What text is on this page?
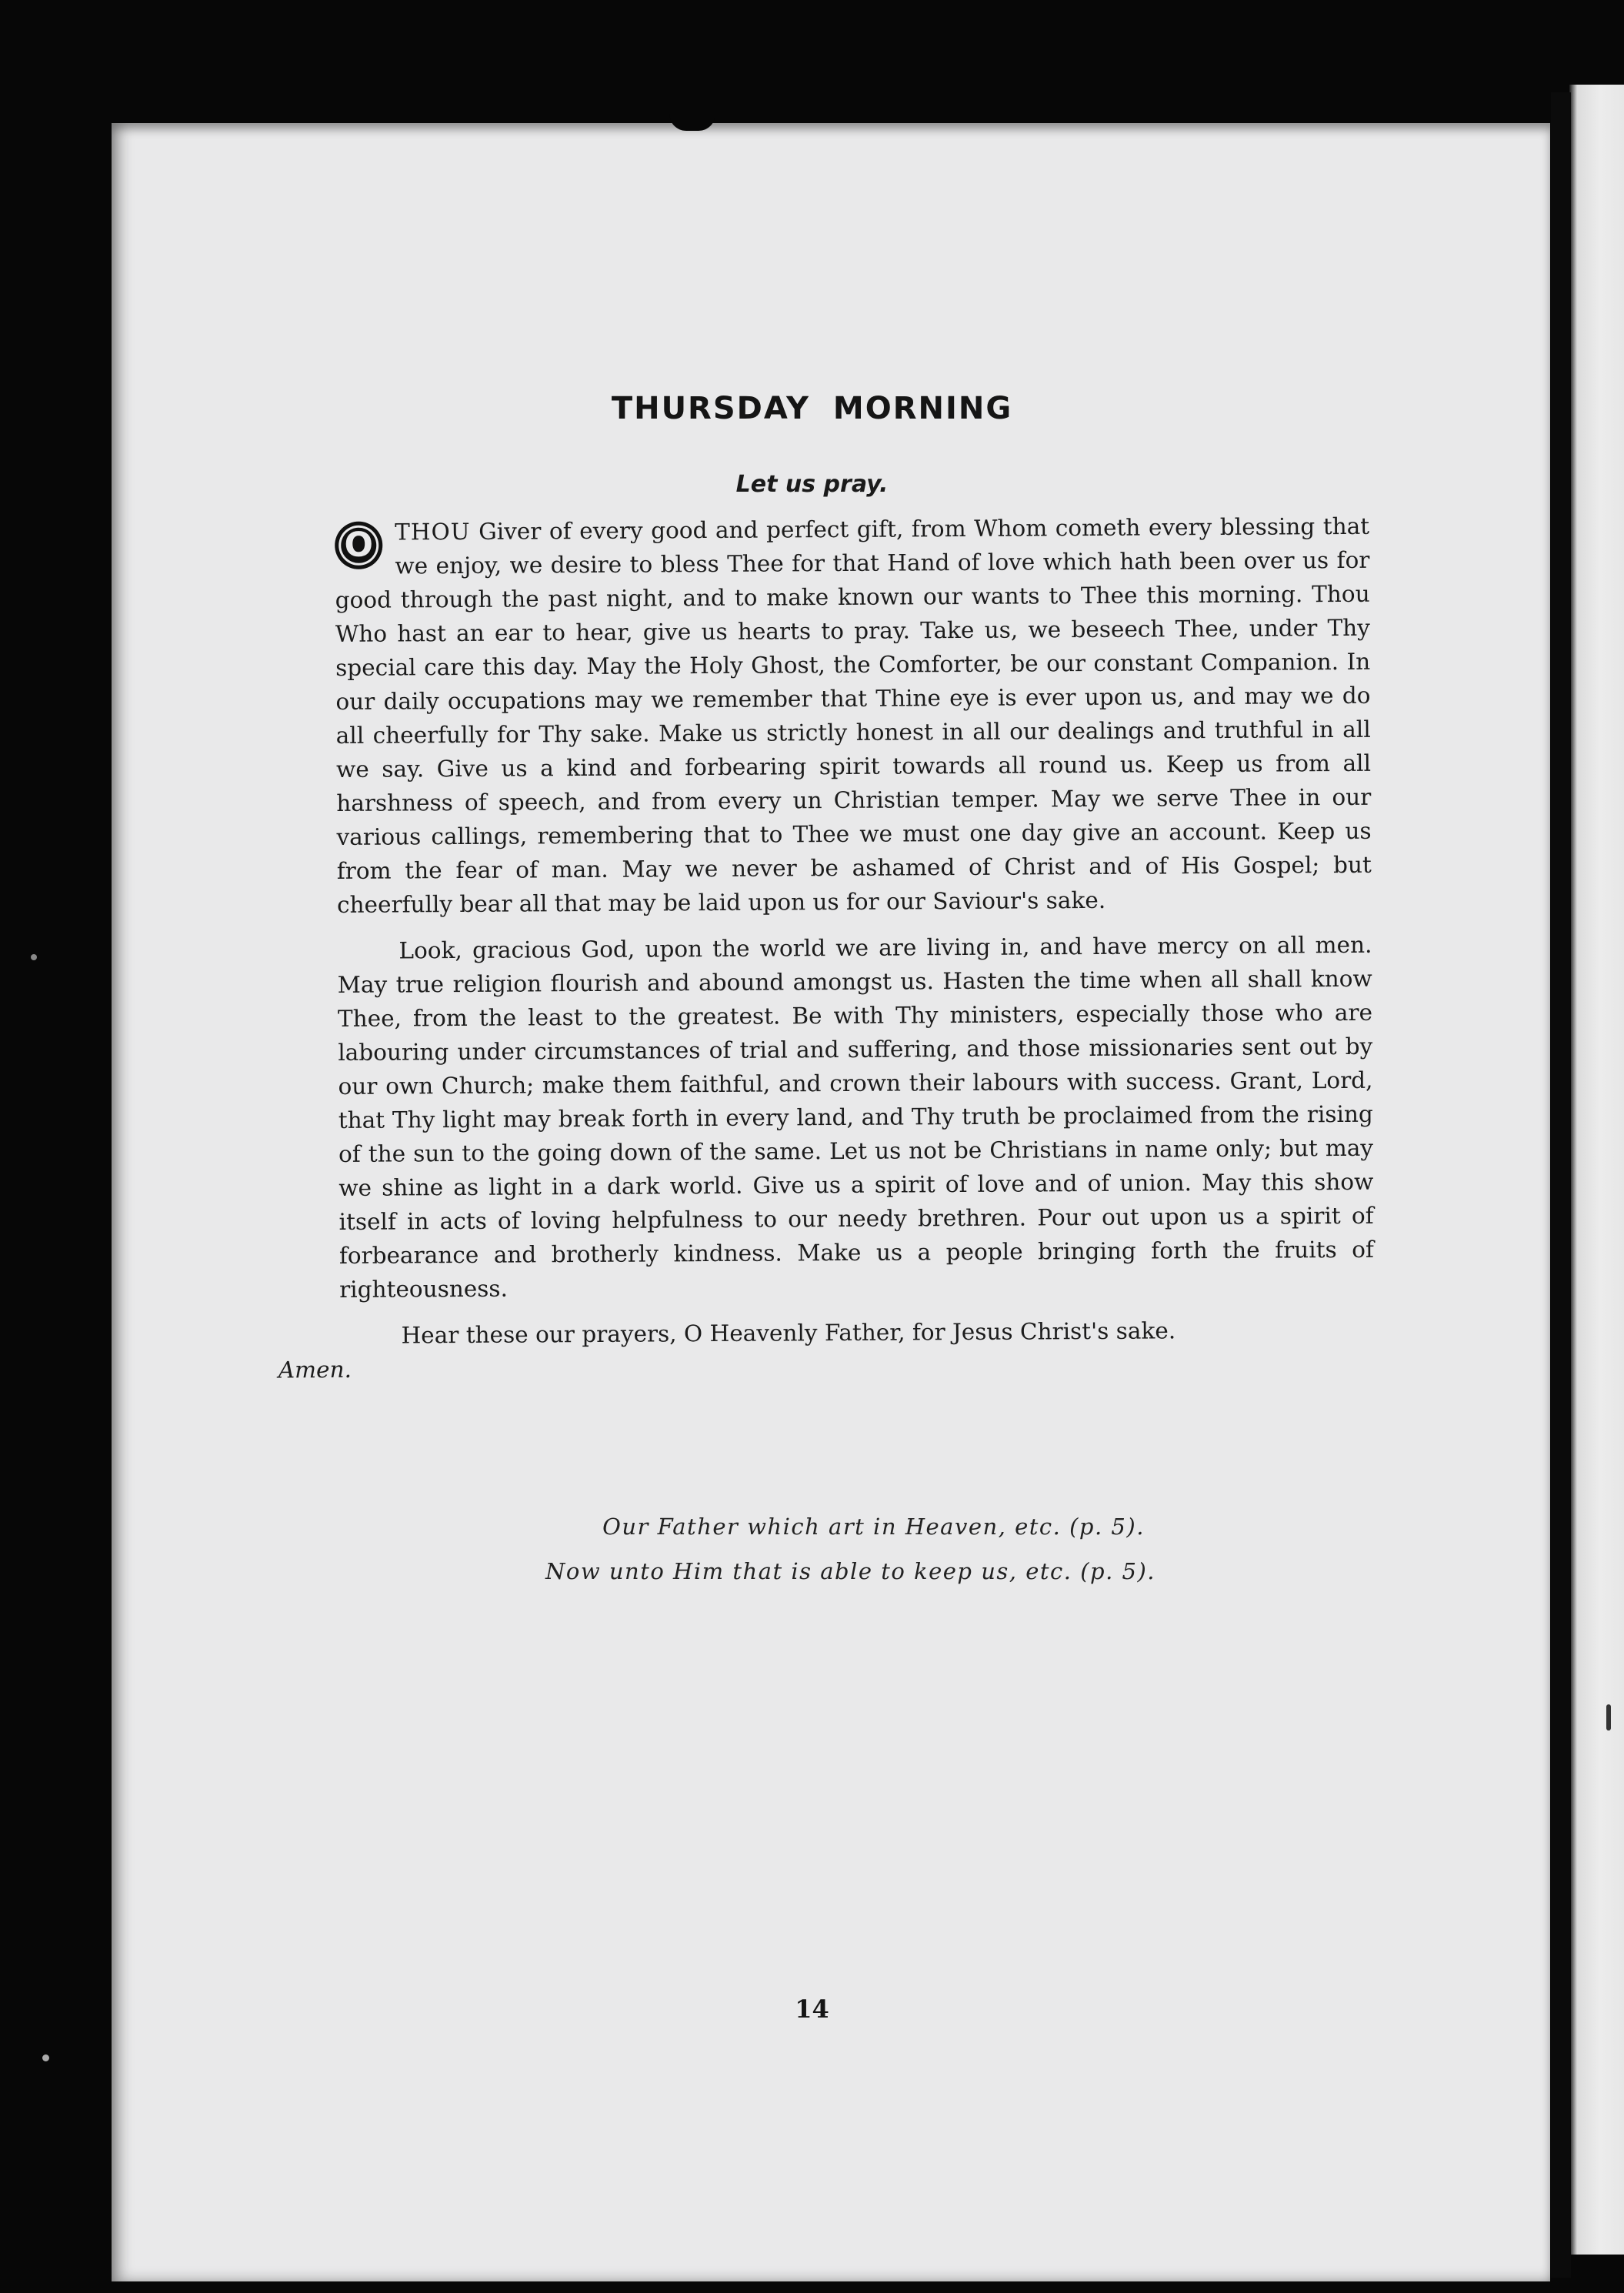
THURSDAY MORNING
Let us pray.

O THOU Giver of every good and perfect gift, from Whom cometh every blessing that we enjoy, we desire to bless Thee for that Hand of love which hath been over us for good through the past night, and to make known our wants to Thee this morning. Thou Who hast an ear to hear, give us hearts to pray. Take us, we beseech Thee, under Thy special care this day. May the Holy Ghost, the Comforter, be our constant Companion. In our daily occupations may we remember that Thine eye is ever upon us, and may we do all cheerfully for Thy sake. Make us strictly honest in all our dealings and truthful in all we say. Give us a kind and forbearing spirit towards all round us. Keep us from all harshness of speech, and from every un Christian temper. May we serve Thee in our various callings, remembering that to Thee we must one day give an account. Keep us from the fear of man. May we never be ashamed of Christ and of His Gospel; but cheerfully bear all that may be laid upon us for our Saviour's sake.

Look, gracious God, upon the world we are living in, and have mercy on all men. May true religion flourish and abound amongst us. Hasten the time when all shall know Thee, from the least to the greatest. Be with Thy ministers, especially those who are labouring under circumstances of trial and suffering, and those missionaries sent out by our own Church; make them faithful, and crown their labours with success. Grant, Lord, that Thy light may break forth in every land, and Thy truth be proclaimed from the rising of the sun to the going down of the same. Let us not be Christians in name only; but may we shine as light in a dark world. Give us a spirit of love and of union. May this show itself in acts of loving helpfulness to our needy brethren. Pour out upon us a spirit of forbearance and brotherly kindness. Make us a people bringing forth the fruits of righteousness.

Hear these our prayers, O Heavenly Father, for Jesus Christ's sake.
Amen.

Our Father which art in Heaven, etc. (p. 5).
Now unto Him that is able to keep us, etc. (p. 5).
14
